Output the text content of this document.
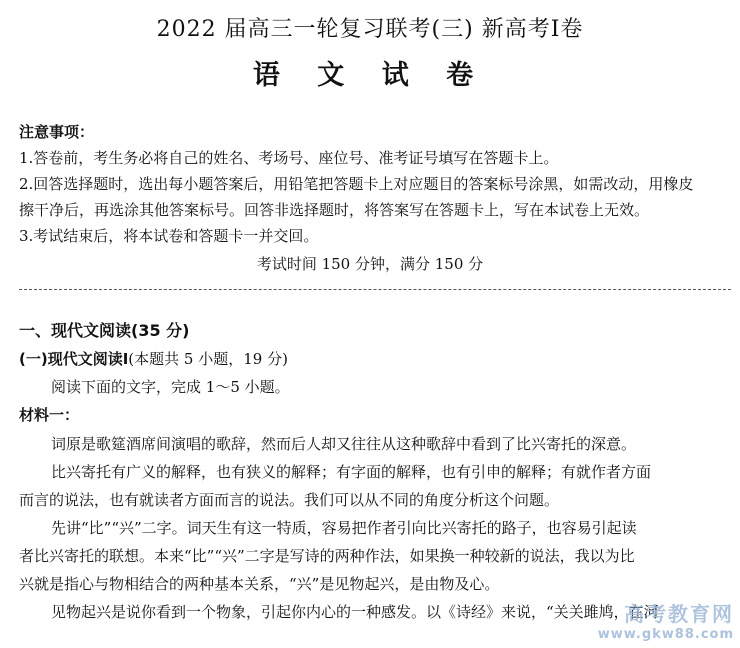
2022 届高三一轮复习联考(三) 新高考Ⅰ卷
语 文 试 卷
注意事项：
1.答卷前，考生务必将自己的姓名、考场号、座位号、准考证号填写在答题卡上。
2.回答选择题时，选出每小题答案后，用铅笔把答题卡上对应题目的答案标号涂黑，如需改动，用橡皮
擦干净后，再选涂其他答案标号。回答非选择题时，将答案写在答题卡上，写在本试卷上无效。
3.考试结束后，将本试卷和答题卡一并交回。
考试时间 150 分钟，满分 150 分
一、现代文阅读(35 分)
(一)现代文阅读Ⅰ(本题共 5 小题，19 分)
阅读下面的文字，完成 1～5 小题。
材料一：
词原是歌筵酒席间演唱的歌辞，然而后人却又往往从这种歌辞中看到了比兴寄托的深意。
比兴寄托有广义的解释，也有狭义的解释；有字面的解释，也有引申的解释；有就作者方面
而言的说法，也有就读者方面而言的说法。我们可以从不同的角度分析这个问题。
先讲“比”“兴”二字。词天生有这一特质，容易把作者引向比兴寄托的路子，也容易引起读
者比兴寄托的联想。本来“比”“兴”二字是写诗的两种作法，如果换一种较新的说法，我以为比
兴就是指心与物相结合的两种基本关系，“兴”是见物起兴，是由物及心。
见物起兴是说你看到一个物象，引起你内心的一种感发。以《诗经》来说，“关关雎鸠，在河
高考教育网
www.gkw88.com
